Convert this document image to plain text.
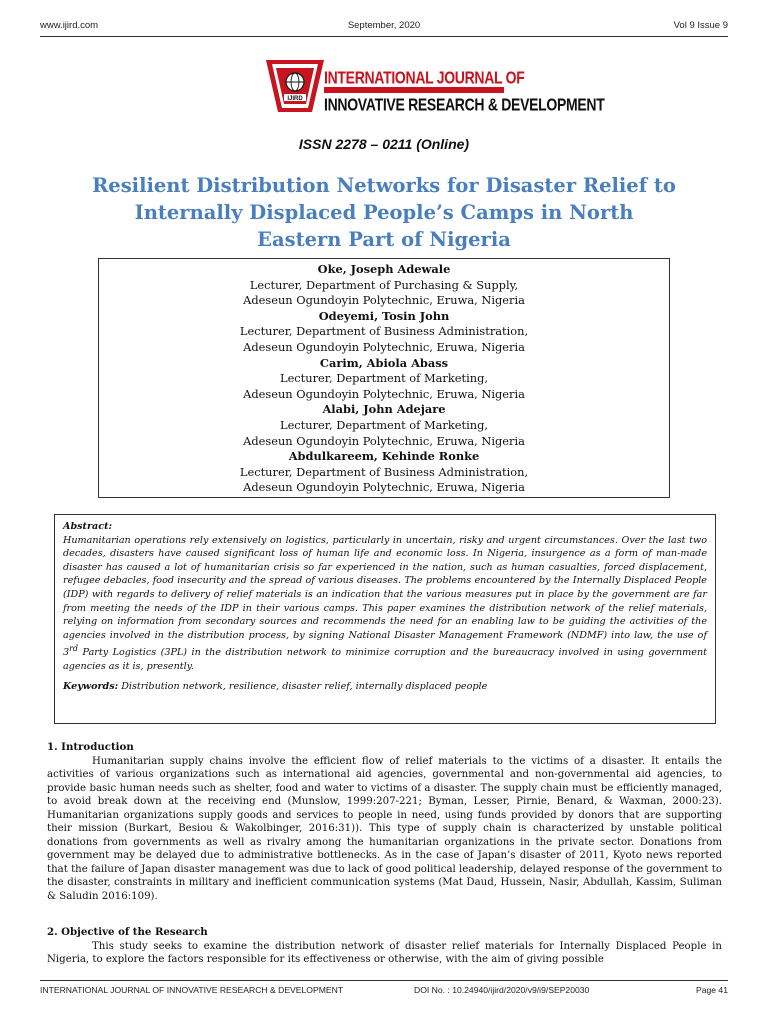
www.ijird.com	September, 2020	Vol 9 Issue 9
IJIRD
INTERNATIONAL JOURNAL OF
INNOVATIVE RESEARCH & DEVELOPMENT
ISSN 2278 – 0211 (Online)
Resilient Distribution Networks for Disaster Relief to
Internally Displaced People’s Camps in North
Eastern Part of Nigeria
Oke, Joseph Adewale
Lecturer, Department of Purchasing & Supply,
Adeseun Ogundoyin Polytechnic, Eruwa, Nigeria
Odeyemi, Tosin John
Lecturer, Department of Business Administration,
Adeseun Ogundoyin Polytechnic, Eruwa, Nigeria
Carim, Abiola Abass
Lecturer, Department of Marketing,
Adeseun Ogundoyin Polytechnic, Eruwa, Nigeria
Alabi, John Adejare
Lecturer, Department of Marketing,
Adeseun Ogundoyin Polytechnic, Eruwa, Nigeria
Abdulkareem, Kehinde Ronke
Lecturer, Department of Business Administration,
Adeseun Ogundoyin Polytechnic, Eruwa, Nigeria
Abstract:
Humanitarian operations rely extensively on logistics, particularly in uncertain, risky and urgent circumstances. Over the last two decades, disasters have caused significant loss of human life and economic loss. In Nigeria, insurgence as a form of man-made disaster has caused a lot of humanitarian crisis so far experienced in the nation, such as human casualties, forced displacement, refugee debacles, food insecurity and the spread of various diseases. The problems encountered by the Internally Displaced People (IDP) with regards to delivery of relief materials is an indication that the various measures put in place by the government are far from meeting the needs of the IDP in their various camps. This paper examines the distribution network of the relief materials, relying on information from secondary sources and recommends the need for an enabling law to be guiding the activities of the agencies involved in the distribution process, by signing National Disaster Management Framework (NDMF) into law, the use of 3rd Party Logistics (3PL) in the distribution network to minimize corruption and the bureaucracy involved in using government agencies as it is, presently.
Keywords: Distribution network, resilience, disaster relief, internally displaced people
1. Introduction

Humanitarian supply chains involve the efficient flow of relief materials to the victims of a disaster. It entails the activities of various organizations such as international aid agencies, governmental and non-governmental aid agencies, to provide basic human needs such as shelter, food and water to victims of a disaster. The supply chain must be efficiently managed, to avoid break down at the receiving end (Munslow, 1999:207-221; Byman, Lesser, Pirnie, Benard, & Waxman, 2000:23). Humanitarian organizations supply goods and services to people in need, using funds provided by donors that are supporting their mission (Burkart, Besiou & Wakolbinger, 2016:31)). This type of supply chain is characterized by unstable political donations from governments as well as rivalry among the humanitarian organizations in the private sector. Donations from government may be delayed due to administrative bottlenecks. As in the case of Japan’s disaster of 2011, Kyoto news reported that the failure of Japan disaster management was due to lack of good political leadership, delayed response of the government to the disaster, constraints in military and inefficient communication systems (Mat Daud, Hussein, Nasir, Abdullah, Kassim, Suliman & Saludin 2016:109).

2. Objective of the Research

This study seeks to examine the distribution network of disaster relief materials for Internally Displaced People in Nigeria, to explore the factors responsible for its effectiveness or otherwise, with the aim of giving possible

INTERNATIONAL JOURNAL OF INNOVATIVE RESEARCH & DEVELOPMENT	DOI No. : 10.24940/ijird/2020/v9/i9/SEP20030	Page 41
